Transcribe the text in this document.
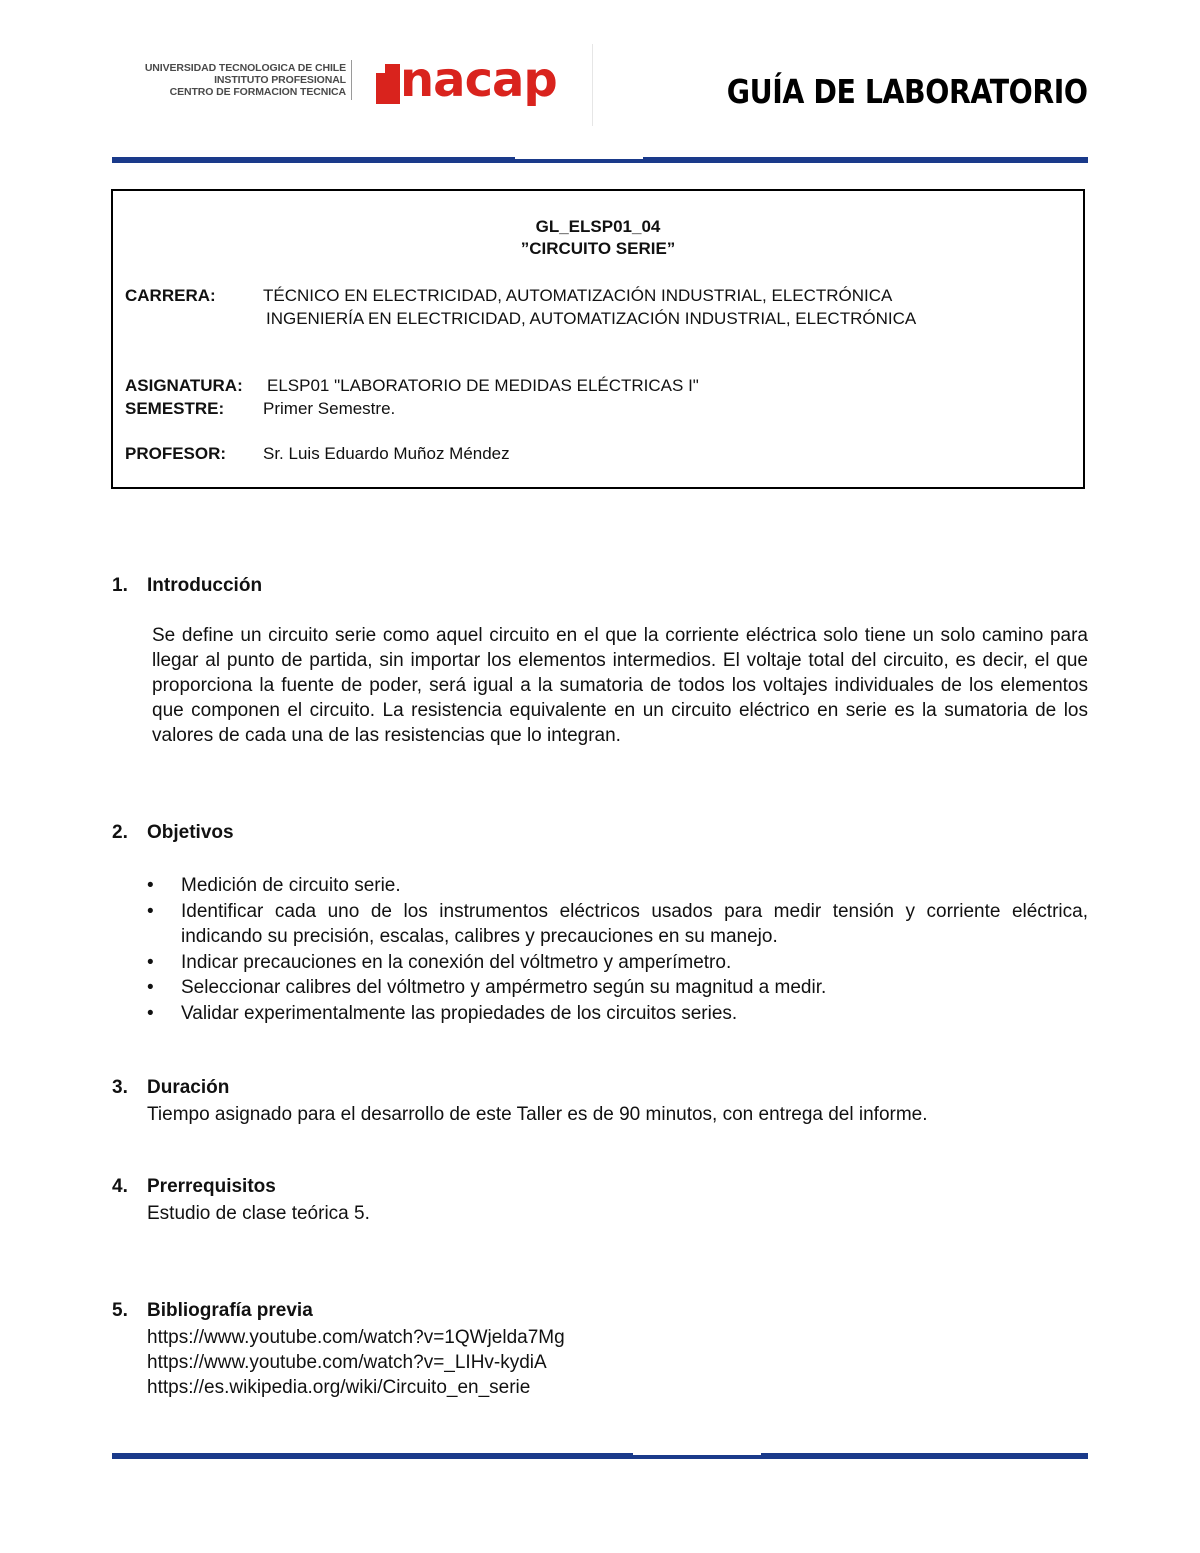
UNIVERSIDAD TECNOLOGICA DE CHILE
INSTITUTO PROFESIONAL
CENTRO DE FORMACION TECNICA nacap	GUÍA DE LABORATORIO
GL_ELSP01_04
”CIRCUITO SERIE”
CARRERA:	TÉCNICO EN ELECTRICIDAD, AUTOMATIZACIÓN INDUSTRIAL, ELECTRÓNICA
INGENIERÍA EN ELECTRICIDAD, AUTOMATIZACIÓN INDUSTRIAL, ELECTRÓNICA
ASIGNATURA: ELSP01 "LABORATORIO DE MEDIDAS ELÉCTRICAS I"
SEMESTRE: Primer Semestre.
PROFESOR: Sr. Luis Eduardo Muñoz Méndez
1. Introducción
Se define un circuito serie como aquel circuito en el que la corriente eléctrica solo tiene un solo camino para llegar al punto de partida, sin importar los elementos intermedios. El voltaje total del circuito, es decir, el que proporciona la fuente de poder, será igual a la sumatoria de todos los voltajes individuales de los elementos que componen el circuito. La resistencia equivalente en un circuito eléctrico en serie es la sumatoria de los valores de cada una de las resistencias que lo integran.
2. Objetivos
• Medición de circuito serie.
• Identificar cada uno de los instrumentos eléctricos usados para medir tensión y corriente eléctrica, indicando su precisión, escalas, calibres y precauciones en su manejo.
• Indicar precauciones en la conexión del vóltmetro y amperímetro.
• Seleccionar calibres del vóltmetro y ampérmetro según su magnitud a medir.
• Validar experimentalmente las propiedades de los circuitos series.
3. Duración
Tiempo asignado para el desarrollo de este Taller es de 90 minutos, con entrega del informe.
4. Prerrequisitos
Estudio de clase teórica 5.
5. Bibliografía previa
https://www.youtube.com/watch?v=1QWjelda7Mg
https://www.youtube.com/watch?v=_LIHv-kydiA
https://es.wikipedia.org/wiki/Circuito_en_serie
